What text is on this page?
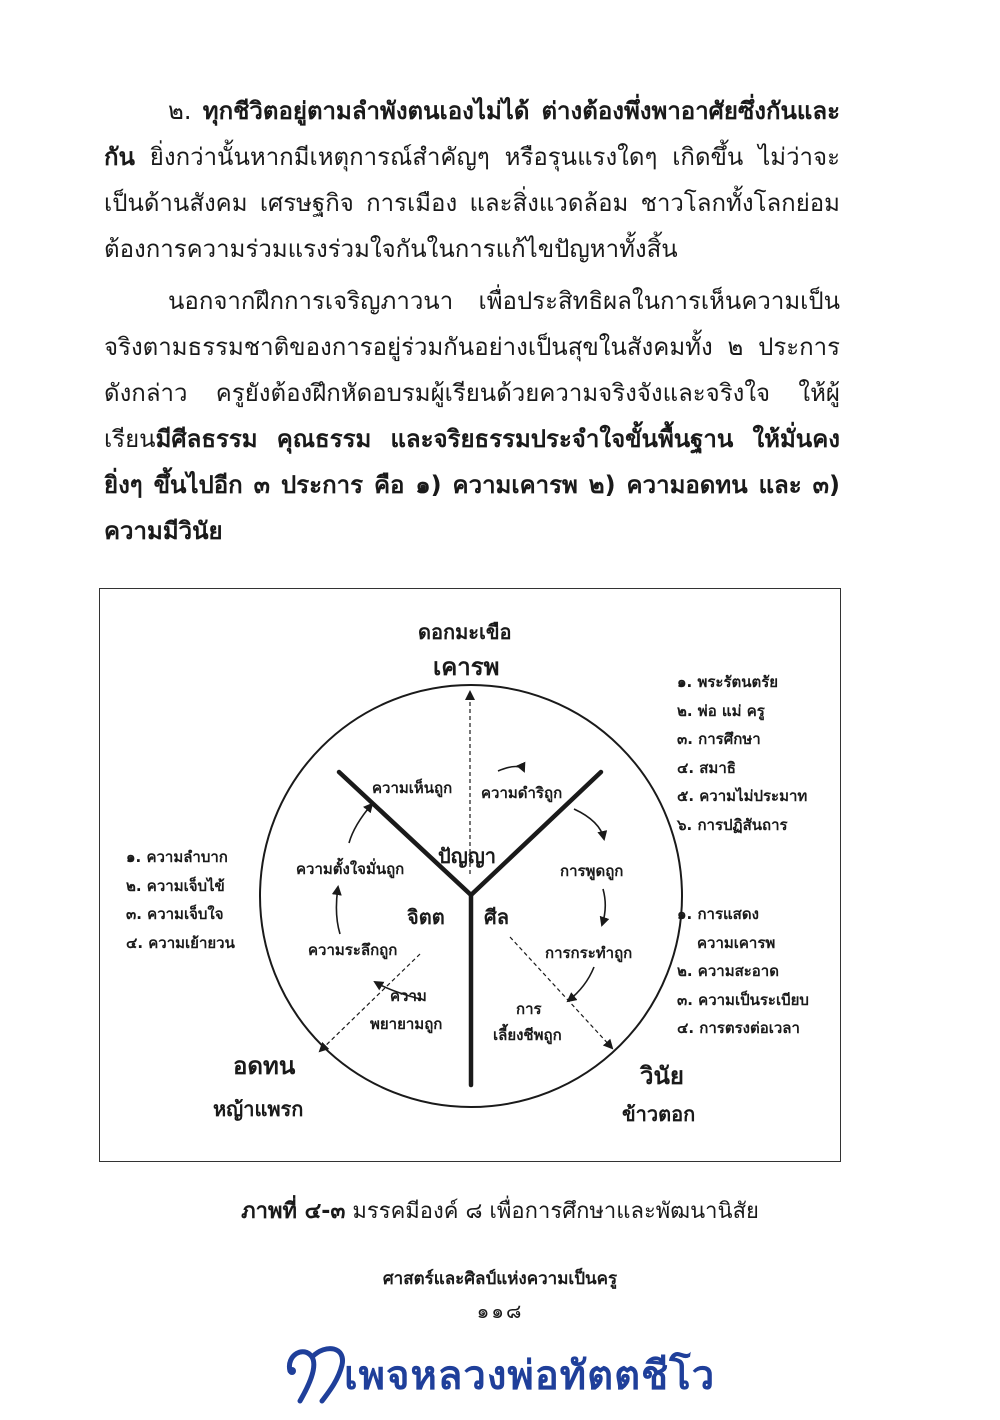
๒. ทุกชีวิตอยู่ตามลำพังตนเองไม่ได้ ต่างต้องพึ่งพาอาศัยซึ่งกันและกัน ยิ่งกว่านั้นหากมีเหตุการณ์สำคัญๆ หรือรุนแรงใดๆ เกิดขึ้น ไม่ว่าจะเป็นด้านสังคม เศรษฐกิจ การเมือง และสิ่งแวดล้อม ชาวโลกทั้งโลกย่อมต้องการความร่วมแรงร่วมใจกันในการแก้ไขปัญหาทั้งสิ้น

นอกจากฝึกการเจริญภาวนา เพื่อประสิทธิผลในการเห็นความเป็นจริงตามธรรมชาติของการอยู่ร่วมกันอย่างเป็นสุขในสังคมทั้ง ๒ ประการดังกล่าว ครูยังต้องฝึกหัดอบรมผู้เรียนด้วยความจริงจังและจริงใจ ให้ผู้เรียนมีศีลธรรม คุณธรรม และจริยธรรมประจำใจขั้นพื้นฐาน ให้มั่นคงยิ่งๆ ขึ้นไปอีก ๓ ประการ คือ ๑) ความเคารพ ๒) ความอดทน และ ๓) ความมีวินัย

ดอกมะเขือ
เคารพ
ความเห็นถูก ความดำริถูก
การพูดถูก
การกระทำถูก
การ
เลี้ยงชีพถูก
ความ
พยายามถูก
ความระลึกถูก
ความตั้งใจมั่นถูก
ปัญญา
จิตต ศีล
อดทน
หญ้าแพรก
วินัย
ข้าวตอก
๑. พระรัตนตรัย
๒. พ่อ แม่ ครู
๓. การศึกษา
๔. สมาธิ
๕. ความไม่ประมาท
๖. การปฏิสันถาร
๑. ความลำบาก
๒. ความเจ็บไข้
๓. ความเจ็บใจ
๔. ความเย้ายวน
๑. การแสดง
ความเคารพ
๒. ความสะอาด
๓. ความเป็นระเบียบ
๔. การตรงต่อเวลา
ภาพที่ ๔-๓ มรรคมีองค์ ๘ เพื่อการศึกษาและพัฒนานิสัย
ศาสตร์และศิลป์แห่งความเป็นครู
๑๑๘
เพจหลวงพ่อทัตตชีโว
